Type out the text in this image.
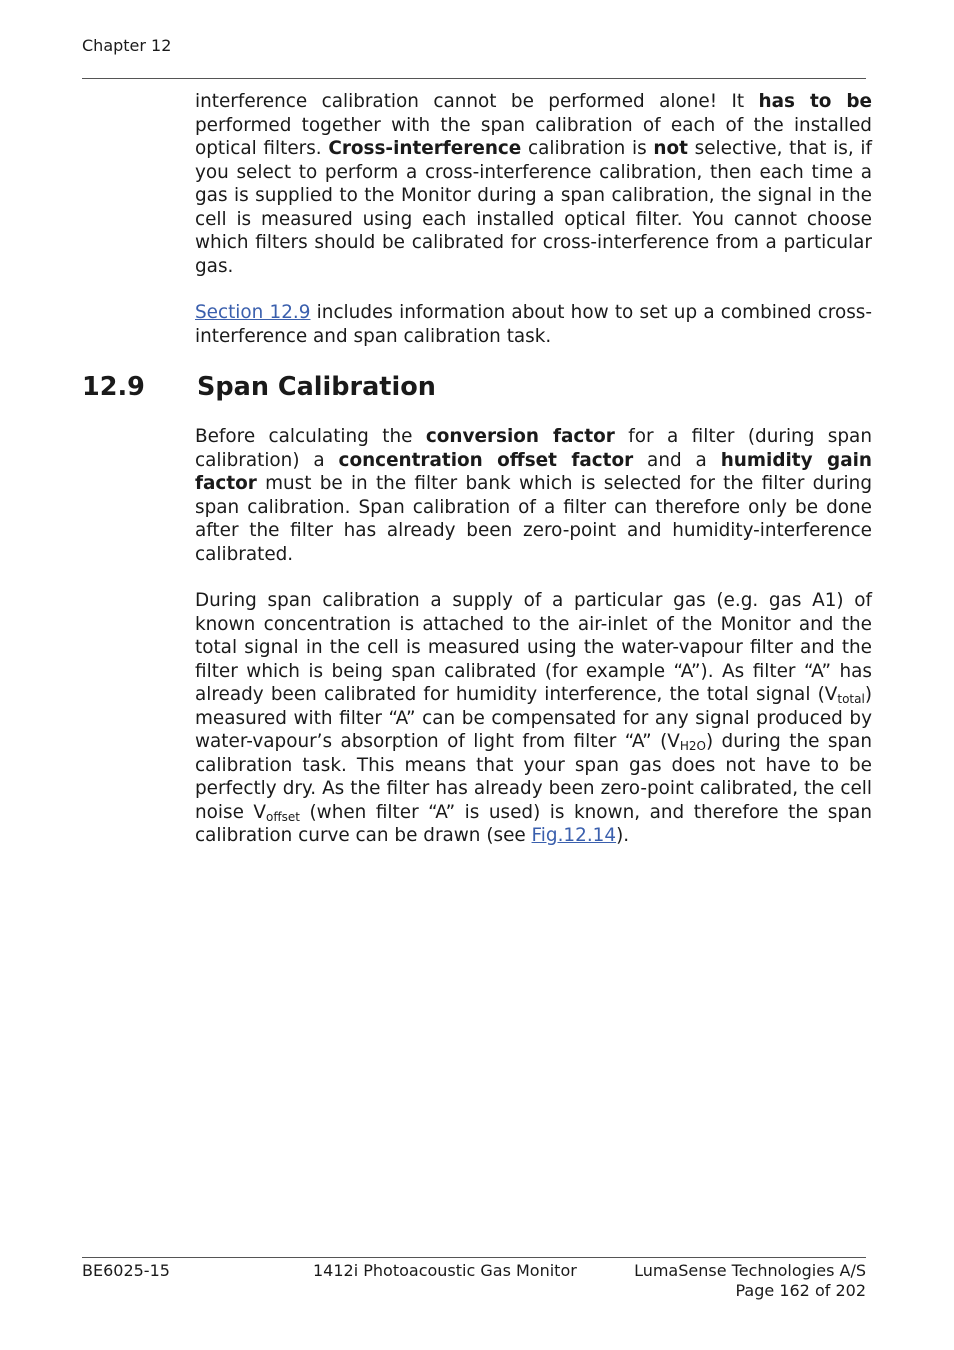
Chapter 12

interference calibration cannot be performed alone! It has to be performed together with the span calibration of each of the installed optical filters. Cross-interference calibration is not selective, that is, if you select to perform a cross-interference calibration, then each time a gas is supplied to the Monitor during a span calibration, the signal in the cell is measured using each installed optical filter. You cannot choose which filters should be calibrated for cross-interference from a particular gas.

Section 12.9 includes information about how to set up a combined cross-interference and span calibration task.

12.9 Span Calibration

Before calculating the conversion factor for a filter (during span calibration) a concentration offset factor and a humidity gain factor must be in the filter bank which is selected for the filter during span calibration. Span calibration of a filter can therefore only be done after the filter has already been zero-point and humidity-interference calibrated.

During span calibration a supply of a particular gas (e.g. gas A1) of known concentration is attached to the air-inlet of the Monitor and the total signal in the cell is measured using the water-vapour filter and the filter which is being span calibrated (for example “A”). As filter “A” has already been calibrated for humidity interference, the total signal $(V_{total})$ measured with filter “A” can be compensated for any signal produced by water-vapour’s absorption of light from filter “A” $(V_{H2O})$ during the span calibration task. This means that your span gas does not have to be perfectly dry. As the filter has already been zero-point calibrated, the cell noise $V_{offset}$ (when filter “A” is used) is known, and therefore the span calibration curve can be drawn (see Fig.12.14).

BE6025-15	1412i Photoacoustic Gas Monitor	LumaSense Technologies A/S
Page 162 of 202
